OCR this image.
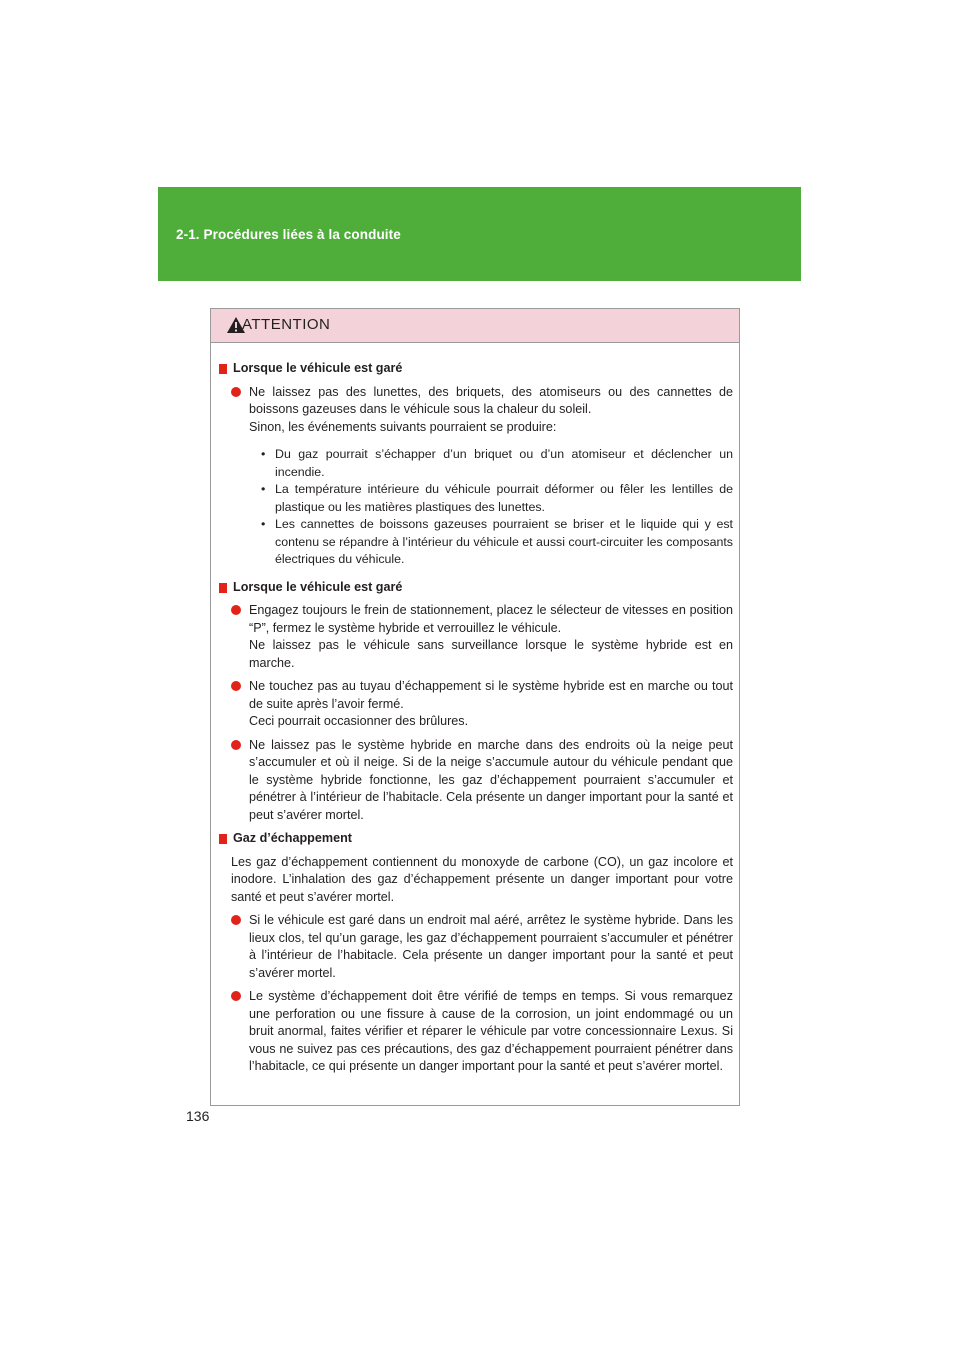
2-1. Procédures liées à la conduite
ATTENTION
Lorsque le véhicule est garé
Ne laissez pas des lunettes, des briquets, des atomiseurs ou des cannettes de boissons gazeuses dans le véhicule sous la chaleur du soleil.
Sinon, les événements suivants pourraient se produire:
• Du gaz pourrait s’échapper d’un briquet ou d’un atomiseur et déclencher un incendie.
• La température intérieure du véhicule pourrait déformer ou fêler les lentilles de plastique ou les matières plastiques des lunettes.
• Les cannettes de boissons gazeuses pourraient se briser et le liquide qui y est contenu se répandre à l’intérieur du véhicule et aussi court-circuiter les composants électriques du véhicule.
Lorsque le véhicule est garé
Engagez toujours le frein de stationnement, placez le sélecteur de vitesses en position “P”, fermez le système hybride et verrouillez le véhicule.
Ne laissez pas le véhicule sans surveillance lorsque le système hybride est en marche.
Ne touchez pas au tuyau d’échappement si le système hybride est en marche ou tout de suite après l’avoir fermé.
Ceci pourrait occasionner des brûlures.
Ne laissez pas le système hybride en marche dans des endroits où la neige peut s’accumuler et où il neige. Si de la neige s’accumule autour du véhicule pendant que le système hybride fonctionne, les gaz d’échappement pourraient s’accumuler et pénétrer à l’intérieur de l’habitacle. Cela présente un danger important pour la santé et peut s’avérer mortel.
Gaz d’échappement
Les gaz d’échappement contiennent du monoxyde de carbone (CO), un gaz incolore et inodore. L’inhalation des gaz d’échappement présente un danger important pour votre santé et peut s’avérer mortel.
Si le véhicule est garé dans un endroit mal aéré, arrêtez le système hybride. Dans les lieux clos, tel qu’un garage, les gaz d’échappement pourraient s’accumuler et pénétrer à l’intérieur de l’habitacle. Cela présente un danger important pour la santé et peut s’avérer mortel.
Le système d’échappement doit être vérifié de temps en temps. Si vous remarquez une perforation ou une fissure à cause de la corrosion, un joint endommagé ou un bruit anormal, faites vérifier et réparer le véhicule par votre concessionnaire Lexus. Si vous ne suivez pas ces précautions, des gaz d’échappement pourraient pénétrer dans l’habitacle, ce qui présente un danger important pour la santé et peut s’avérer mortel.
136
